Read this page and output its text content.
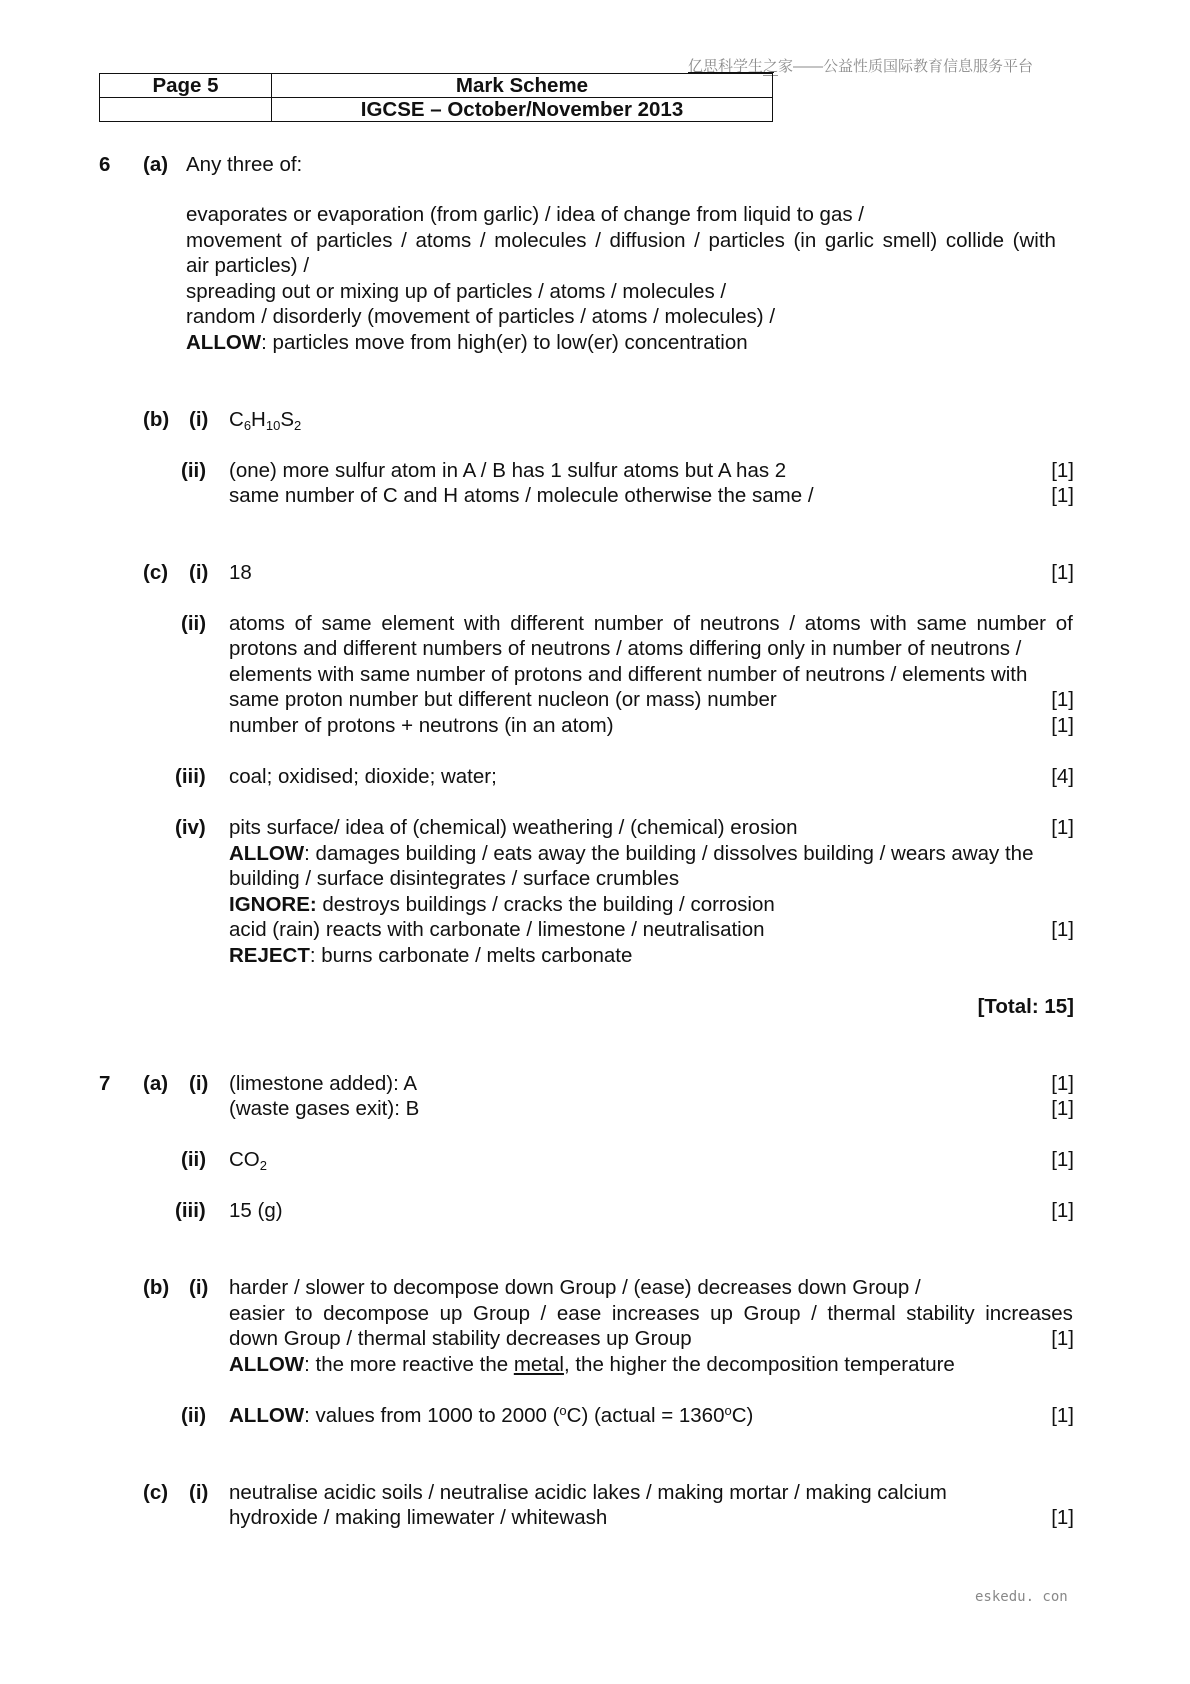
亿思科学生之家——公益性质国际教育信息服务平台
Page 5	Mark Scheme
	IGCSE – October/November 2013
6 (a) Any three of:
evaporates or evaporation (from garlic) / idea of change from liquid to gas /
movement of particles / atoms / molecules / diffusion / particles (in garlic smell) collide (with
air particles) /
spreading out or mixing up of particles / atoms / molecules /
random / disorderly (movement of particles / atoms / molecules) /
ALLOW: particles move from high(er) to low(er) concentration
(b) (i) $C_6H_{10}S_2$
(ii) (one) more sulfur atom in A / B has 1 sulfur atoms but A has 2	[1]
same number of C and H atoms / molecule otherwise the same /	[1]
(c) (i) 18	[1]
(ii) atoms of same element with different number of neutrons / atoms with same number of
protons and different numbers of neutrons / atoms differing only in number of neutrons /
elements with same number of protons and different number of neutrons / elements with
same proton number but different nucleon (or mass) number	[1]
number of protons + neutrons (in an atom)	[1]
(iii) coal; oxidised; dioxide; water;	[4]
(iv) pits surface/ idea of (chemical) weathering / (chemical) erosion	[1]
ALLOW: damages building / eats away the building / dissolves building / wears away the
building / surface disintegrates / surface crumbles
IGNORE: destroys buildings / cracks the building / corrosion
acid (rain) reacts with carbonate / limestone / neutralisation	[1]
REJECT: burns carbonate / melts carbonate
[Total: 15]
7 (a) (i) (limestone added): A	[1]
(waste gases exit): B	[1]
(ii) $CO_2$	[1]
(iii) 15 (g)	[1]
(b) (i) harder / slower to decompose down Group / (ease) decreases down Group /
easier to decompose up Group / ease increases up Group / thermal stability increases
down Group / thermal stability decreases up Group	[1]
ALLOW: the more reactive the metal, the higher the decomposition temperature
(ii) ALLOW: values from 1000 to 2000 ($^o$C) (actual = $1360^oC$)	[1]
(c) (i) neutralise acidic soils / neutralise acidic lakes / making mortar / making calcium
hydroxide / making limewater / whitewash	[1]
eskedu. con
